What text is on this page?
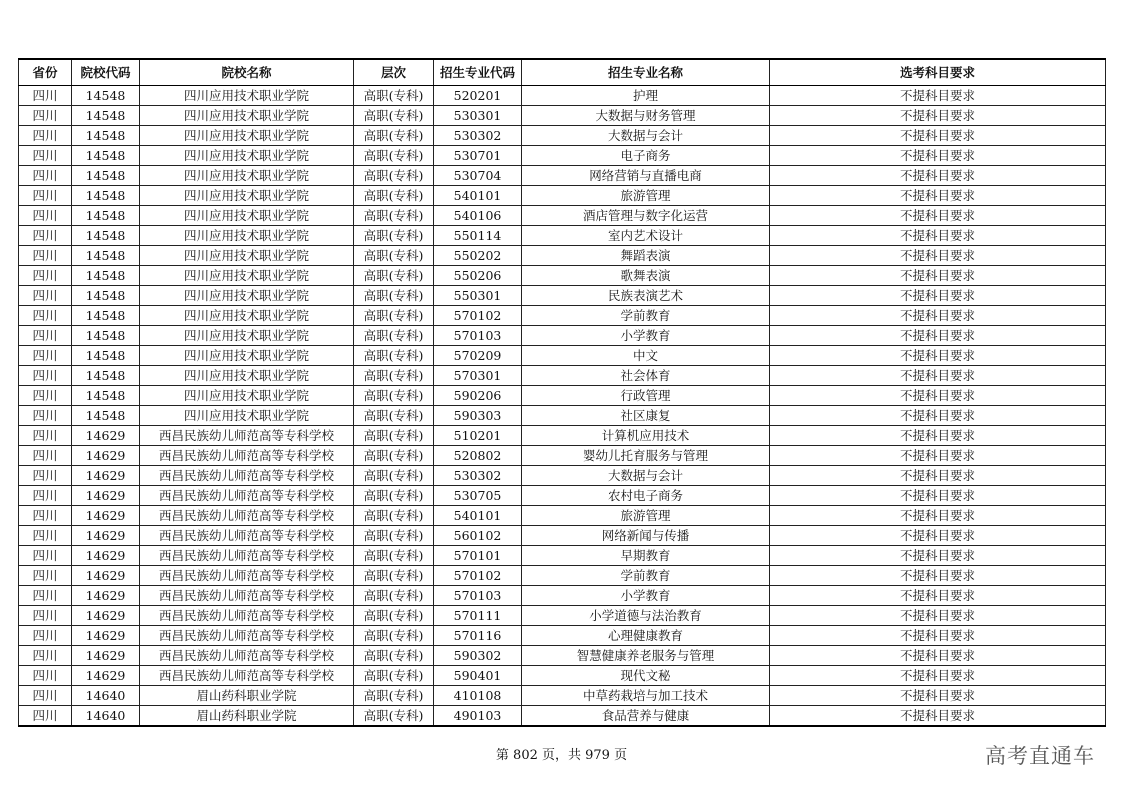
省份	院校代码	院校名称	层次	招生专业代码	招生专业名称	选考科目要求
四川	14548	四川应用技术职业学院	高职(专科)	520201	护理	不提科目要求
四川	14548	四川应用技术职业学院	高职(专科)	530301	大数据与财务管理	不提科目要求
四川	14548	四川应用技术职业学院	高职(专科)	530302	大数据与会计	不提科目要求
四川	14548	四川应用技术职业学院	高职(专科)	530701	电子商务	不提科目要求
四川	14548	四川应用技术职业学院	高职(专科)	530704	网络营销与直播电商	不提科目要求
四川	14548	四川应用技术职业学院	高职(专科)	540101	旅游管理	不提科目要求
四川	14548	四川应用技术职业学院	高职(专科)	540106	酒店管理与数字化运营	不提科目要求
四川	14548	四川应用技术职业学院	高职(专科)	550114	室内艺术设计	不提科目要求
四川	14548	四川应用技术职业学院	高职(专科)	550202	舞蹈表演	不提科目要求
四川	14548	四川应用技术职业学院	高职(专科)	550206	歌舞表演	不提科目要求
四川	14548	四川应用技术职业学院	高职(专科)	550301	民族表演艺术	不提科目要求
四川	14548	四川应用技术职业学院	高职(专科)	570102	学前教育	不提科目要求
四川	14548	四川应用技术职业学院	高职(专科)	570103	小学教育	不提科目要求
四川	14548	四川应用技术职业学院	高职(专科)	570209	中文	不提科目要求
四川	14548	四川应用技术职业学院	高职(专科)	570301	社会体育	不提科目要求
四川	14548	四川应用技术职业学院	高职(专科)	590206	行政管理	不提科目要求
四川	14548	四川应用技术职业学院	高职(专科)	590303	社区康复	不提科目要求
四川	14629	西昌民族幼儿师范高等专科学校	高职(专科)	510201	计算机应用技术	不提科目要求
四川	14629	西昌民族幼儿师范高等专科学校	高职(专科)	520802	婴幼儿托育服务与管理	不提科目要求
四川	14629	西昌民族幼儿师范高等专科学校	高职(专科)	530302	大数据与会计	不提科目要求
四川	14629	西昌民族幼儿师范高等专科学校	高职(专科)	530705	农村电子商务	不提科目要求
四川	14629	西昌民族幼儿师范高等专科学校	高职(专科)	540101	旅游管理	不提科目要求
四川	14629	西昌民族幼儿师范高等专科学校	高职(专科)	560102	网络新闻与传播	不提科目要求
四川	14629	西昌民族幼儿师范高等专科学校	高职(专科)	570101	早期教育	不提科目要求
四川	14629	西昌民族幼儿师范高等专科学校	高职(专科)	570102	学前教育	不提科目要求
四川	14629	西昌民族幼儿师范高等专科学校	高职(专科)	570103	小学教育	不提科目要求
四川	14629	西昌民族幼儿师范高等专科学校	高职(专科)	570111	小学道德与法治教育	不提科目要求
四川	14629	西昌民族幼儿师范高等专科学校	高职(专科)	570116	心理健康教育	不提科目要求
四川	14629	西昌民族幼儿师范高等专科学校	高职(专科)	590302	智慧健康养老服务与管理	不提科目要求
四川	14629	西昌民族幼儿师范高等专科学校	高职(专科)	590401	现代文秘	不提科目要求
四川	14640	眉山药科职业学院	高职(专科)	410108	中草药栽培与加工技术	不提科目要求
四川	14640	眉山药科职业学院	高职(专科)	490103	食品营养与健康	不提科目要求
第 802 页，共 979 页	高考直通车
